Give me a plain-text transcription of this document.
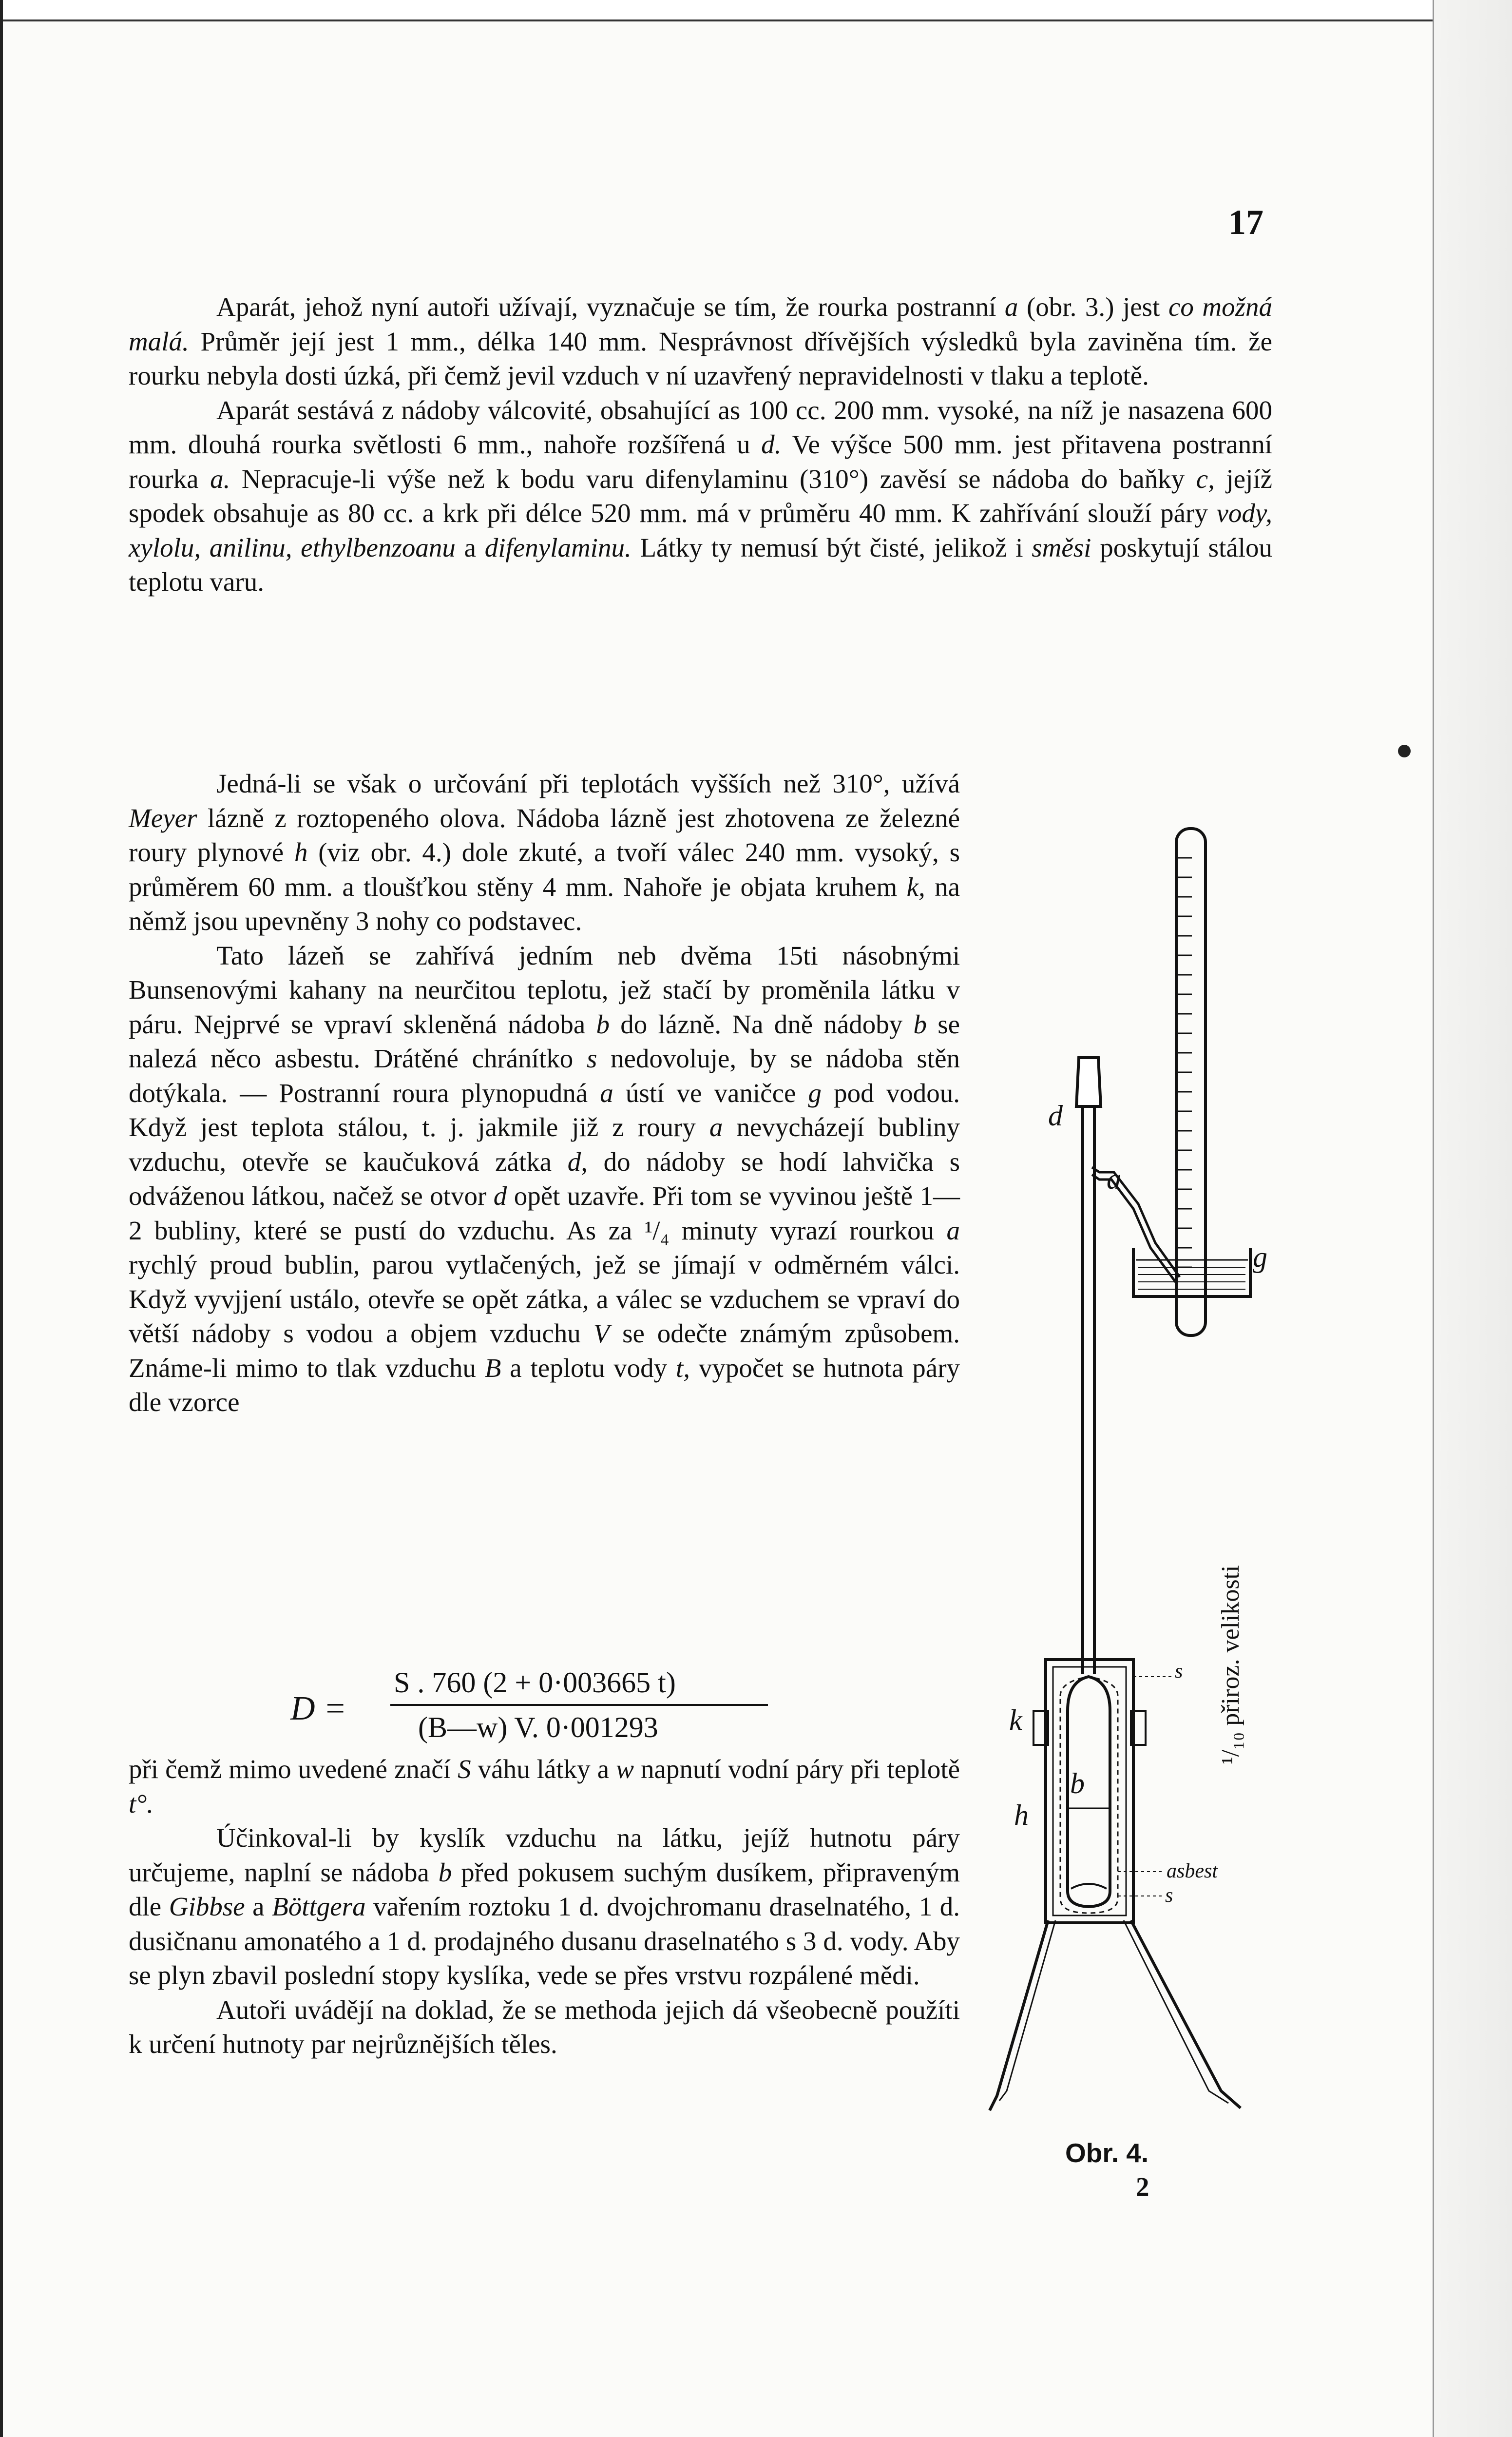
17

Aparát, jehož nyní autoři užívají, vyznačuje se tím, že rourka postranní a (obr. 3.) jest co možná malá. Průměr její jest 1 mm., délka 140 mm. Nesprávnost dřívějších výsledků byla zaviněna tím. že rourku nebyla dosti úzká, při čemž jevil vzduch v ní uzavřený nepravidelnosti v tlaku a teplotě.

Aparát sestává z nádoby válcovité, obsahující as 100 cc. 200 mm. vysoké, na níž je nasazena 600 mm. dlouhá rourka světlosti 6 mm., nahoře rozšířená u d. Ve výšce 500 mm. jest přitavena postranní rourka a. Nepracuje-li výše než k bodu varu difenylaminu (310°) zavěsí se nádoba do baňky c, jejíž spodek obsahuje as 80 cc. a krk při délce 520 mm. má v průměru 40 mm. K zahřívání slouží páry vody, xylolu, anilinu, ethylbenzoanu a difenylaminu. Látky ty nemusí být čisté, jelikož i směsi poskytují stálou teplotu varu.

Jedná-li se však o určování při teplotách vyšších než 310°, užívá Meyer lázně z roztopeného olova. Nádoba lázně jest zhotovena ze železné roury plynové h (viz obr. 4.) dole zkuté, a tvoří válec 240 mm. vysoký, s průměrem 60 mm. a tloušťkou stěny 4 mm. Nahoře je objata kruhem k, na němž jsou upevněny 3 nohy co podstavec.

Tato lázeň se zahřívá jedním neb dvěma 15ti násobnými Bunsenovými kahany na neurčitou teplotu, jež stačí by proměnila látku v páru. Nejprvé se vpraví skleněná nádoba b do lázně. Na dně nádoby b se nalezá něco asbestu. Drátěné chránítko s nedovoluje, by se nádoba stěn dotýkala. — Postranní roura plynopudná a ústí ve vaničce g pod vodou. Když jest teplota stálou, t. j. jakmile již z roury a nevycházejí bubliny vzduchu, otevře se kaučuková zátka d, do nádoby se hodí lahvička s odváženou látkou, načež se otvor d opět uzavře. Při tom se vyvinou ještě 1—2 bubliny, které se pustí do vzduchu. As za ¹/₄ minuty vyrazí rourkou a rychlý proud bublin, parou vytlačených, jež se jímají v odměrném válci. Když vyvjjení ustálo, otevře se opět zátka, a válec se vzduchem se vpraví do větší nádoby s vodou a objem vzduchu V se odečte známým způsobem. Známe-li mimo to tlak vzduchu B a teplotu vody t, vypočet se hutnota páry dle vzorce

D =
S . 760 (2 + 0·003665 t)
(B—w) V. 0·001293

při čemž mimo uvedené značí S váhu látky a w napnutí vodní páry při teplotě t°.

Účinkoval-li by kyslík vzduchu na látku, jejíž hutnotu páry určujeme, naplní se nádoba b před pokusem suchým dusíkem, připraveným dle Gibbse a Böttgera vařením roztoku 1 d. dvojchromanu draselnatého, 1 d. dusičnanu amonatého a 1 d. prodajného dusanu draselnatého s 3 d. vody. Aby se plyn zbavil poslední stopy kyslíka, vede se přes vrstvu rozpálené mědi.

Autoři uvádějí na doklad, že se methoda jejich dá všeobecně použíti k určení hutnoty par nejrůznějších těles.

d
a
g
k
h
b
s
asbest
s
¹/₁₀ přiroz. velikosti
Obr. 4.
2
